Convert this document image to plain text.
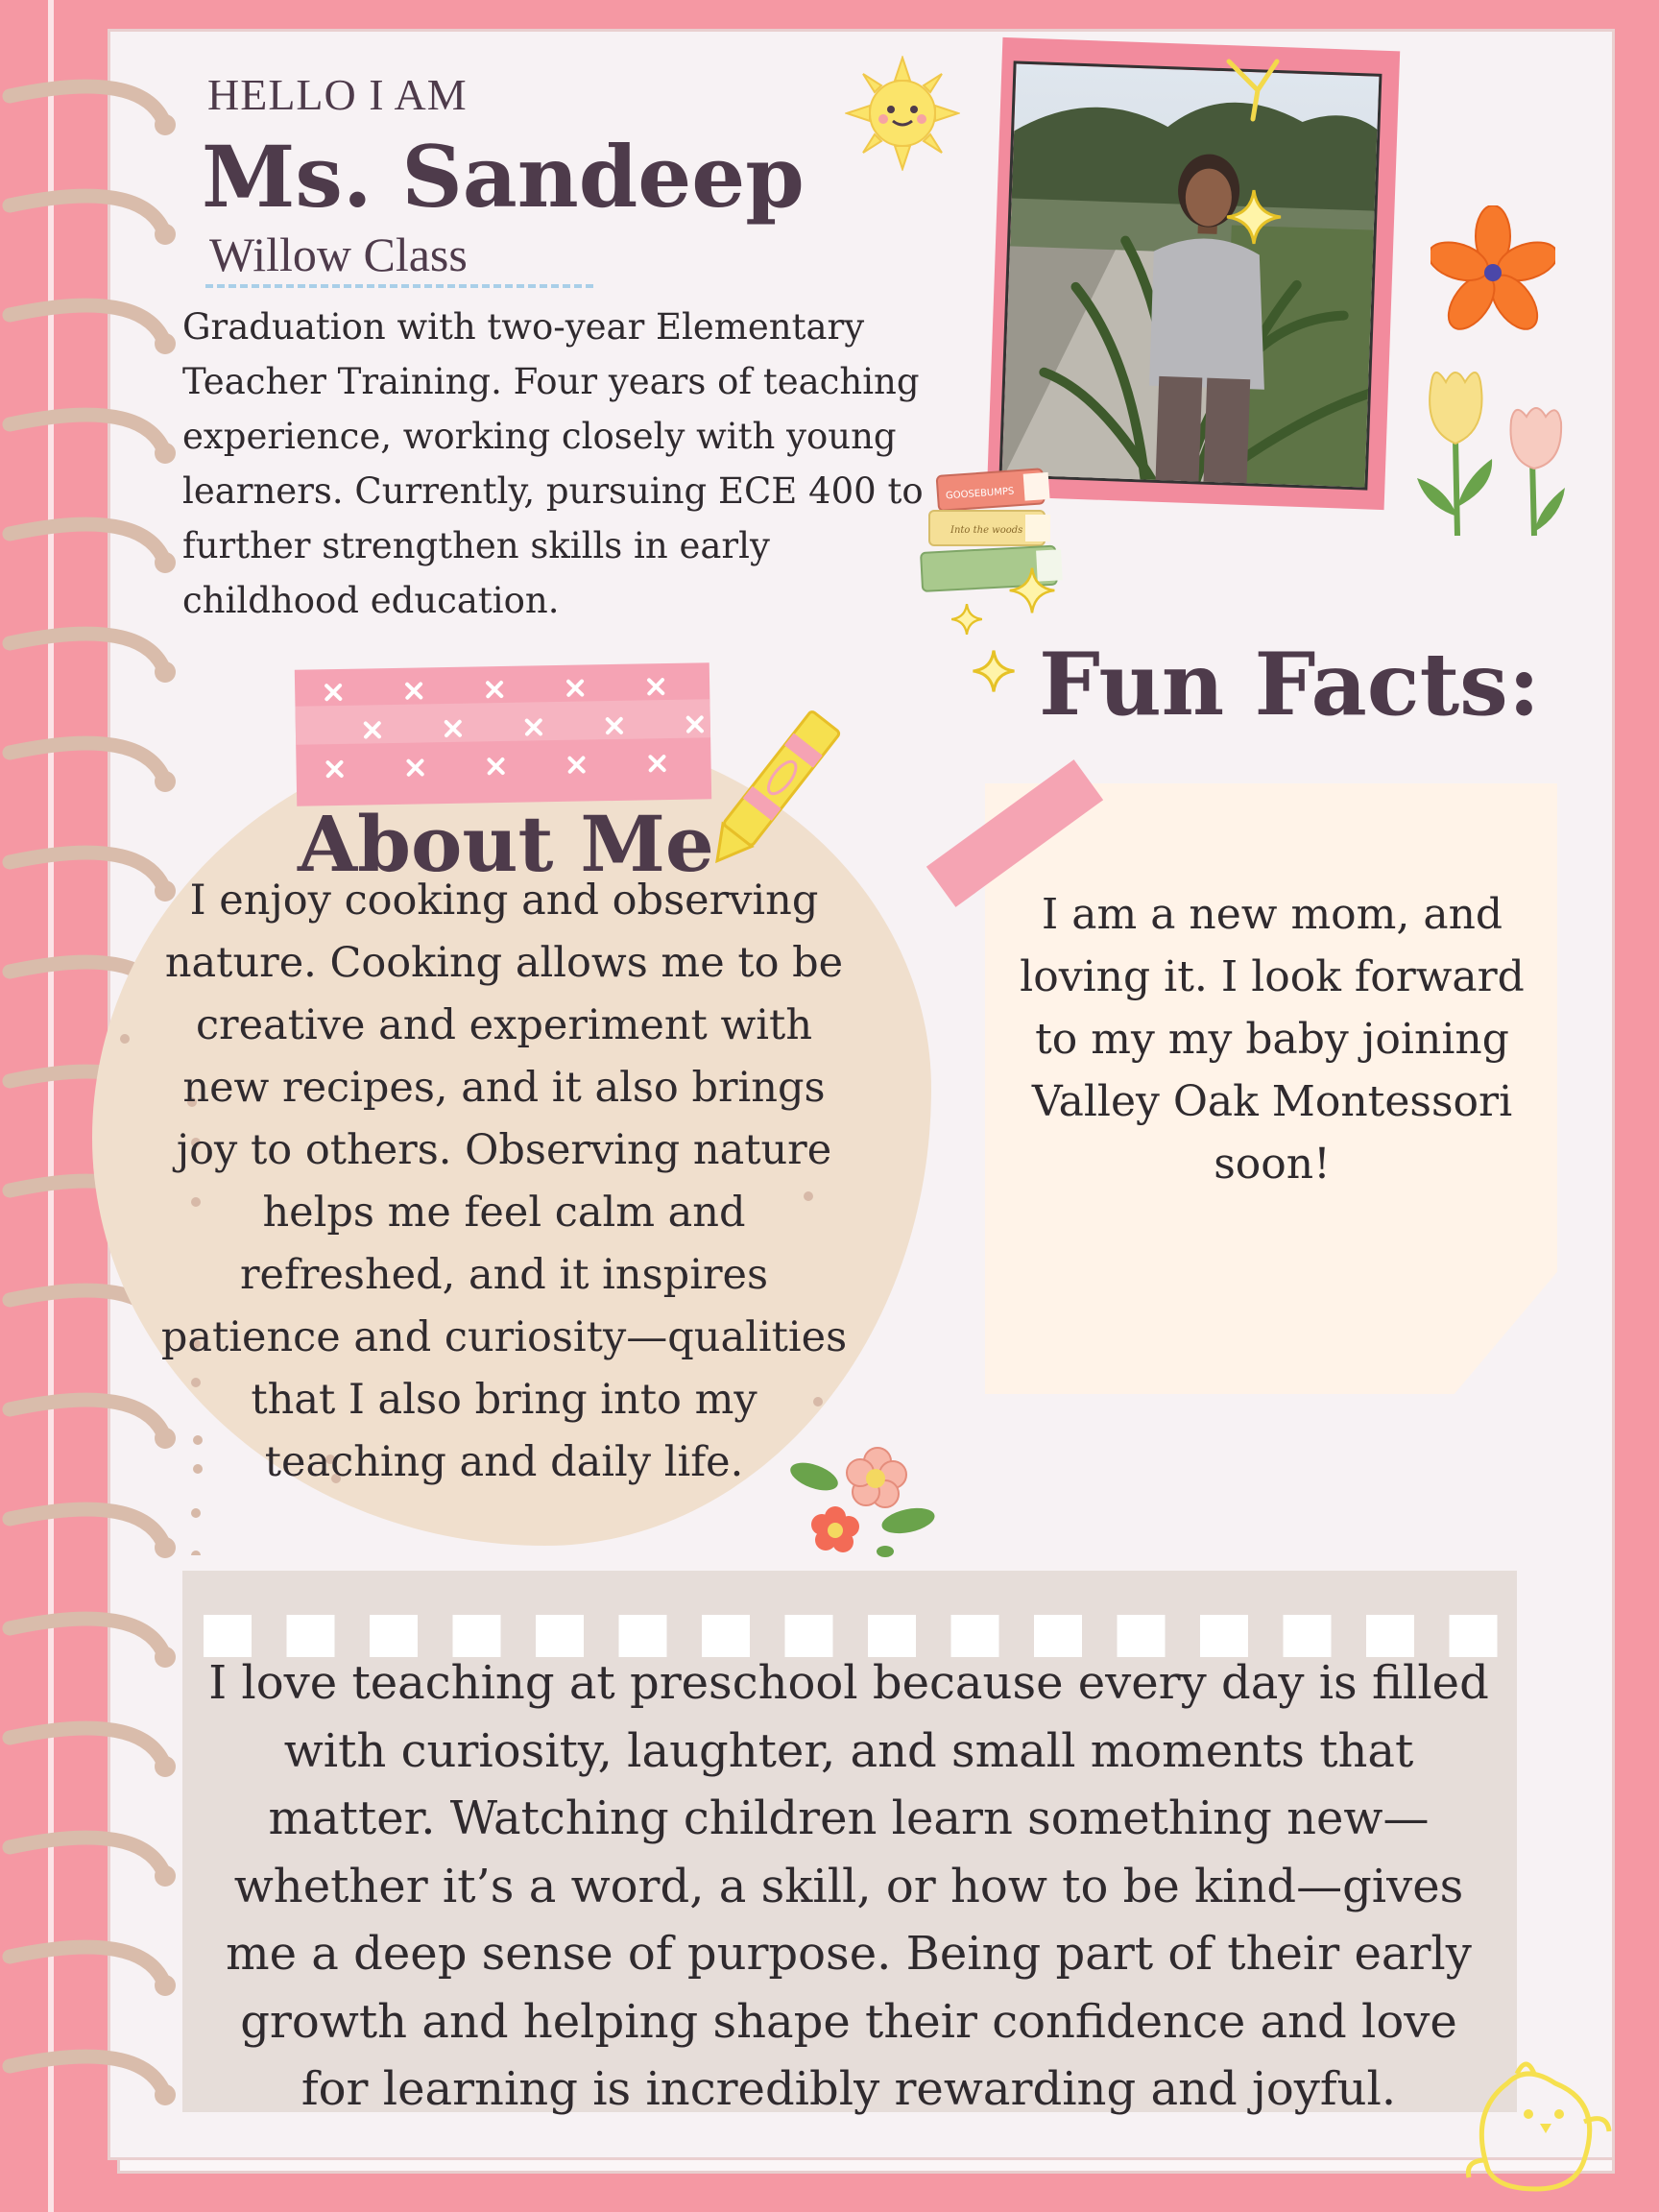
HELLO I AM
Ms. Sandeep
Willow Class
Graduation with two-year Elementary Teacher Training. Four years of teaching experience, working closely with young learners. Currently, pursuing ECE 400 to further strengthen skills in early childhood education.
GOOSEBUMPS
Into the woods
Fun Facts:
I am a new mom, and loving it. I look forward to my my baby joining Valley Oak Montessori soon!
About Me
I enjoy cooking and observing nature. Cooking allows me to be creative and experiment with new recipes, and it also brings joy to others. Observing nature helps me feel calm and refreshed, and it inspires patience and curiosity—qualities that I also bring into my teaching and daily life.
I love teaching at preschool because every day is filled with curiosity, laughter, and small moments that matter. Watching children learn something new—whether it’s a word, a skill, or how to be kind—gives me a deep sense of purpose. Being part of their early growth and helping shape their confidence and love for learning is incredibly rewarding and joyful.
